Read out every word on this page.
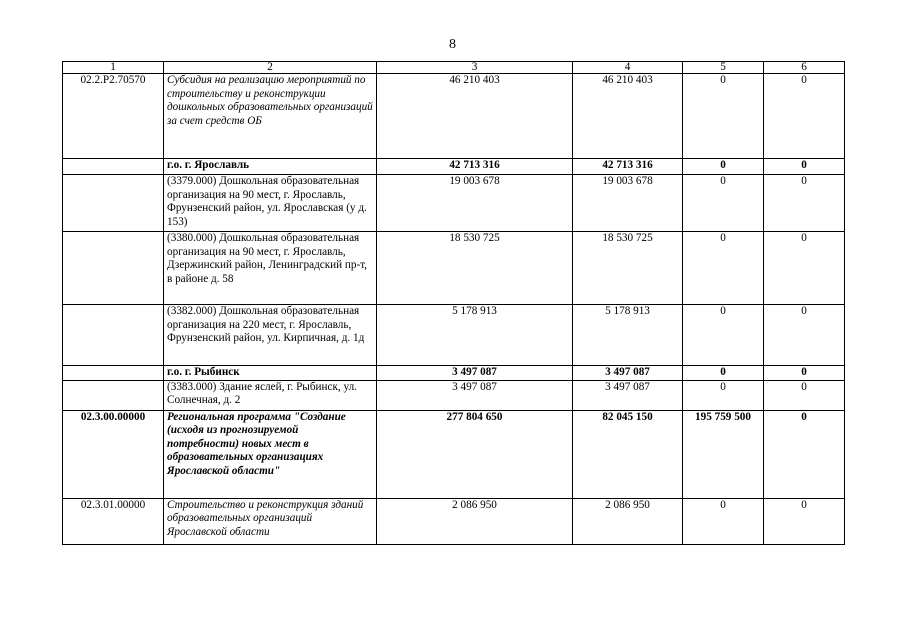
8
1	2	3	4	5	6
02.2.P2.70570	Субсидия на реализацию мероприятий по строительству и реконструкции дошкольных образовательных организаций за счет средств ОБ	46 210 403	46 210 403	0	0
	г.о. г. Ярославль	42 713 316	42 713 316	0	0
	(3379.000) Дошкольная образовательная организация на 90 мест, г. Ярославль, Фрунзенский район, ул. Ярославская (у д. 153)	19 003 678	19 003 678	0	0
	(3380.000) Дошкольная образовательная организация на 90 мест, г. Ярославль, Дзержинский район, Ленинградский пр-т, в районе д. 58	18 530 725	18 530 725	0	0
	(3382.000) Дошкольная образовательная организация на 220 мест, г. Ярославль, Фрунзенский район, ул. Кирпичная, д. 1д	5 178 913	5 178 913	0	0
	г.о. г. Рыбинск	3 497 087	3 497 087	0	0
	(3383.000) Здание яслей, г. Рыбинск, ул. Солнечная, д. 2	3 497 087	3 497 087	0	0
02.3.00.00000	Региональная программа "Создание (исходя из прогнозируемой потребности) новых мест в образовательных организациях Ярославской области"	277 804 650	82 045 150	195 759 500	0
02.3.01.00000	Строительство и реконструкция зданий образовательных организаций Ярославской области	2 086 950	2 086 950	0	0
